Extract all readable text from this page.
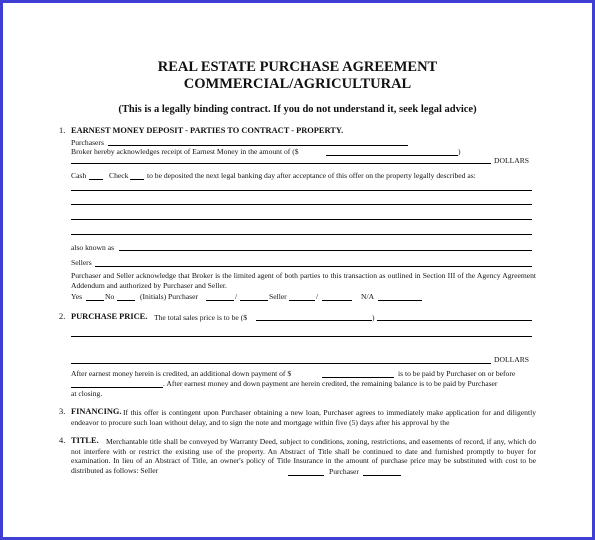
REAL ESTATE PURCHASE AGREEMENT
COMMERCIAL/AGRICULTURAL
(This is a legally binding contract. If you do not understand it, seek legal advice)
1. EARNEST MONEY DEPOSIT - PARTIES TO CONTRACT - PROPERTY.
Purchasers
Broker hereby acknowledges receipt of Earnest Money in the amount of ($	)
DOLLARS
Cash	Check to be deposited the next legal banking day after acceptance of this offer on the property legally described as:
also known as
Sellers
Purchaser and Seller acknowledge that Broker is the limited agent of both parties to this transaction as outlined in Section III of the Agency Agreement Addendum and authorized by Purchaser and Seller.
Yes	No	(Initials) Purchaser	/	Seller	/	N/A
2. PURCHASE PRICE. The total sales price is to be ($	)
DOLLARS
After earnest money herein is credited, an additional down payment of $	is to be paid by Purchaser on or before
. After earnest money and down payment are herein credited, the remaining balance is to be paid by Purchaser
at closing.
3. FINANCING. If this offer is contingent upon Purchaser obtaining a new loan, Purchaser agrees to immediately make application for and diligently endeavor to procure such loan without delay, and to sign the note and mortgage within five (5) days after his approval by the
4. TITLE. Merchantable title shall be conveyed by Warranty Deed, subject to conditions, zoning, restrictions, and easements of record, if any, which do not interfere with or restrict the existing use of the property. An Abstract of Title shall be continued to date and furnished promptly to buyer for examination. In lieu of an Abstract of Title, an owner's policy of Title Insurance in the amount of purchase price may be substituted with cost to be distributed as follows: Seller	Purchaser
